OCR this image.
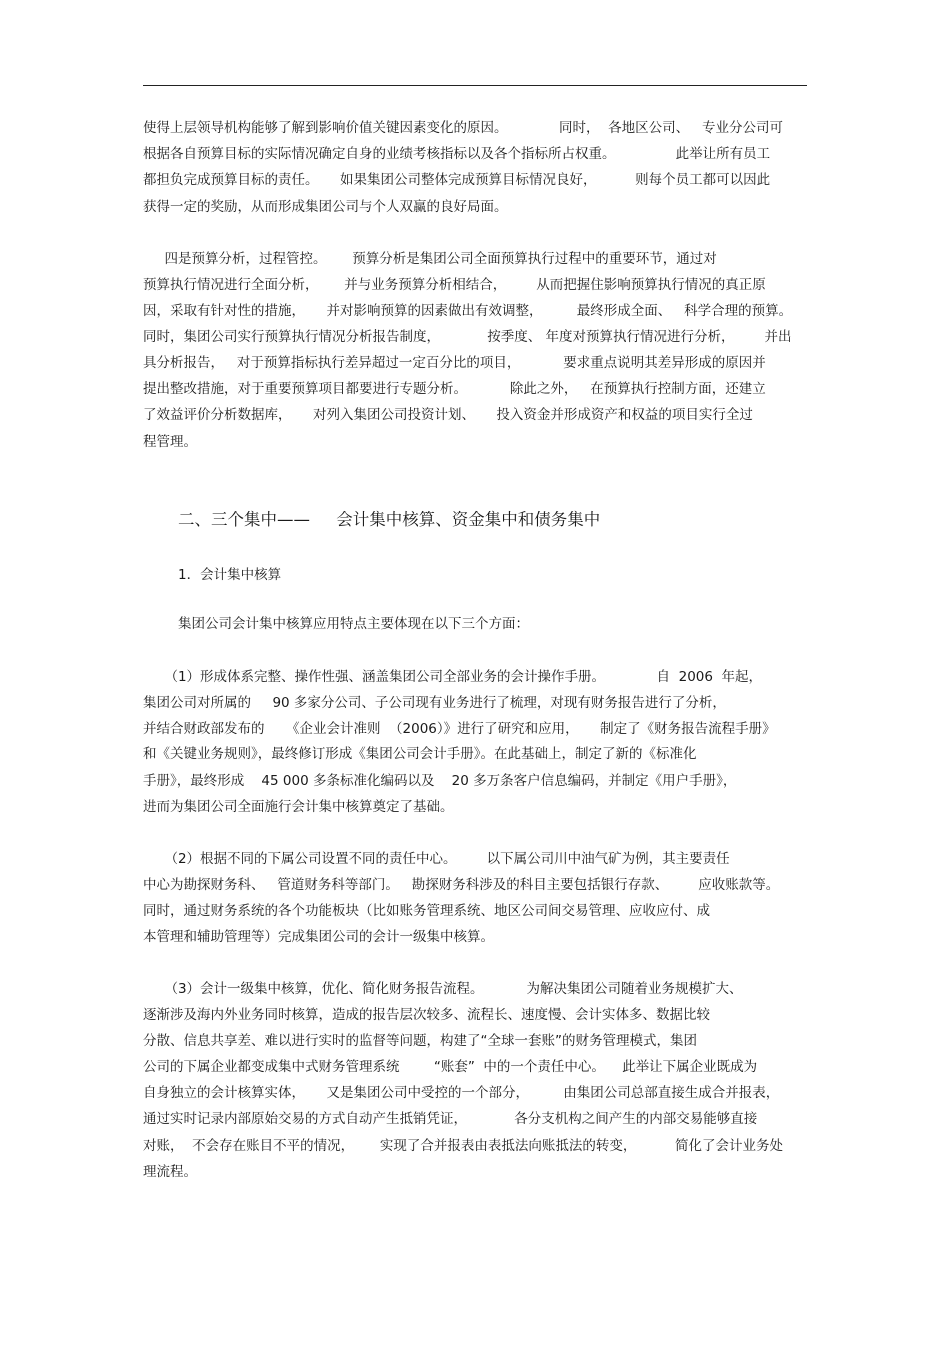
使得上层领导机构能够了解到影响价值关键因素变化的原因。            同时，  各地区公司、   专业分公司可

根据各自预算目标的实际情况确定自身的业绩考核指标以及各个指标所占权重。              此举让所有员工

都担负完成预算目标的责任。     如果集团公司整体完成预算目标情况良好，         则每个员工都可以因此

获得一定的奖励，从而形成集团公司与个人双赢的良好局面。

四是预算分析，过程管控。      预算分析是集团公司全面预算执行过程中的重要环节，通过对

预算执行情况进行全面分析，      并与业务预算分析相结合，       从而把握住影响预算执行情况的真正原

因，采取有针对性的措施，     并对影响预算的因素做出有效调整，        最终形成全面、   科学合理的预算。

同时，集团公司实行预算执行情况分析报告制度，           按季度、 年度对预算执行情况进行分析，       并出

具分析报告，   对于预算指标执行差异超过一定百分比的项目，          要求重点说明其差异形成的原因并

提出整改措施，对于重要预算项目都要进行专题分析。          除此之外，   在预算执行控制方面，还建立

了效益评价分析数据库，     对列入集团公司投资计划、     投入资金并形成资产和权益的项目实行全过

程管理。

二、三个集中——     会计集中核算、资金集中和债务集中

1．会计集中核算

集团公司会计集中核算应用特点主要体现在以下三个方面：

（1）形成体系完整、操作性强、涵盖集团公司全部业务的会计操作手册。            自  2006  年起，

集团公司对所属的     90 多家分公司、子公司现有业务进行了梳理，对现有财务报告进行了分析，

并结合财政部发布的     《企业会计准则  （2006）》进行了研究和应用，     制定了《财务报告流程手册》

和《关键业务规则》，最终修订形成《集团公司会计手册》。在此基础上，制定了新的《标准化

手册》，最终形成    45 000 多条标准化编码以及    20 多万条客户信息编码，并制定《用户手册》，

进而为集团公司全面施行会计集中核算奠定了基础。

（2）根据不同的下属公司设置不同的责任中心。       以下属公司川中油气矿为例，其主要责任

中心为勘探财务科、   管道财务科等部门。   勘探财务科涉及的科目主要包括银行存款、       应收账款等。

同时，通过财务系统的各个功能板块（比如账务管理系统、地区公司间交易管理、应收应付、成

本管理和辅助管理等）完成集团公司的会计一级集中核算。

（3）会计一级集中核算，优化、简化财务报告流程。          为解决集团公司随着业务规模扩大、

逐渐涉及海内外业务同时核算，造成的报告层次较多、流程长、速度慢、会计实体多、数据比较

分散、信息共享差、难以进行实时的监督等问题，构建了“全球一套账”的财务管理模式，集团

公司的下属企业都变成集中式财务管理系统        “账套”  中的一个责任中心。    此举让下属企业既成为

自身独立的会计核算实体，     又是集团公司中受控的一个部分，        由集团公司总部直接生成合并报表，

通过实时记录内部原始交易的方式自动产生抵销凭证，           各分支机构之间产生的内部交易能够直接

对账，  不会存在账目不平的情况，      实现了合并报表由表抵法向账抵法的转变，         简化了会计业务处

理流程。
